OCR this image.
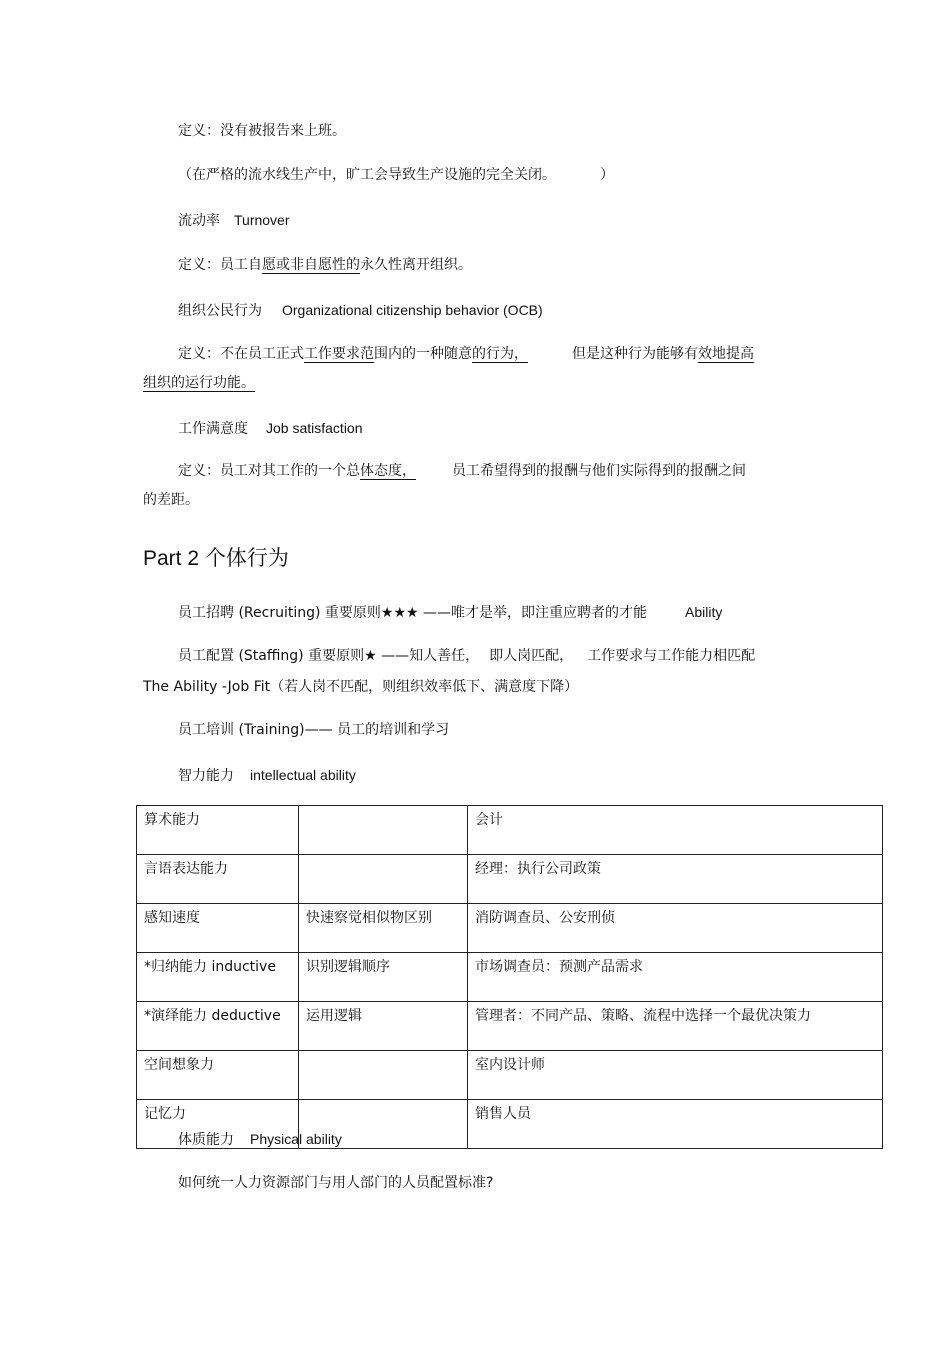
定义：没有被报告来上班。
（在严格的流水线生产中，旷工会导致生产设施的完全关闭。	）
流动率 Turnover
定义：员工自愿或非自愿性的永久性离开组织。
组织公民行为 Organizational citizenship behavior (OCB)
定义：不在员工正式工作要求范围内的一种随意的行为，	但是这种行为能够有效地提高
组织的运行功能。
工作满意度 Job satisfaction
定义：员工对其工作的一个总体态度，	员工希望得到的报酬与他们实际得到的报酬之间
的差距。
Part 2 个体行为
员工招聘 (Recruiting) 重要原则★★★ ——唯才是举，即注重应聘者的才能	Ability
员工配置 (Staffing) 重要原则★ ——知人善任， 即人岗匹配， 工作要求与工作能力相匹配
The Ability -Job Fit（若人岗不匹配，则组织效率低下、满意度下降）
员工培训 (Training)—— 员工的培训和学习
智力能力 intellectual ability
算术能力		会计
言语表达能力		经理：执行公司政策
感知速度	快速察觉相似物区别	消防调查员、公安刑侦
*归纳能力 inductive	识别逻辑顺序	市场调查员：预测产品需求
*演绎能力 deductive	运用逻辑	管理者：不同产品、策略、流程中选择一个最优决策力
空间想象力		室内设计师
记忆力		销售人员
体质能力 Physical ability
如何统一人力资源部门与用人部门的人员配置标准?
